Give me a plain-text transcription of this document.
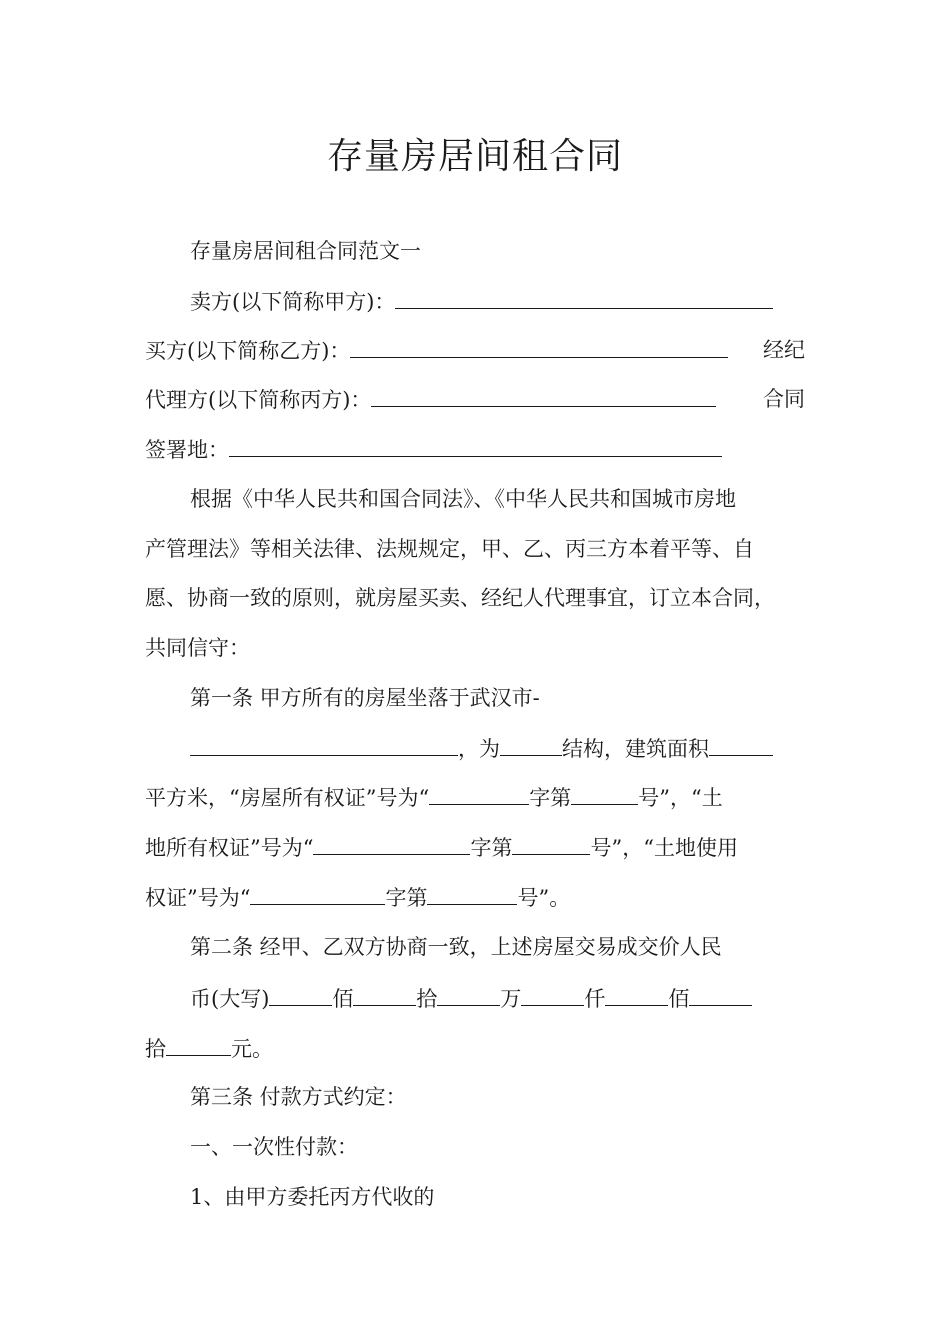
存量房居间租合同
存量房居间租合同范文一
卖方(以下简称甲方)：
买方(以下简称乙方)：	经纪
代理方(以下简称丙方)：	合同
签署地：
根据《中华人民共和国合同法》、《中华人民共和国城市房地
产管理法》等相关法律、法规规定，甲、乙、丙三方本着平等、自
愿、协商一致的原则，就房屋买卖、经纪人代理事宜，订立本合同，
共同信守：
第一条 甲方所有的房屋坐落于武汉市-
，为	结构，建筑面积
平方米，“房屋所有权证”号为“	字第	号”，“土
地所有权证”号为“	字第	号”，“土地使用
权证”号为“	字第	号”。
第二条 经甲、乙双方协商一致，上述房屋交易成交价人民
币(大写)	佰	拾	万	仟	佰
拾	元。
第三条 付款方式约定：
一、一次性付款：
1、由甲方委托丙方代收的
